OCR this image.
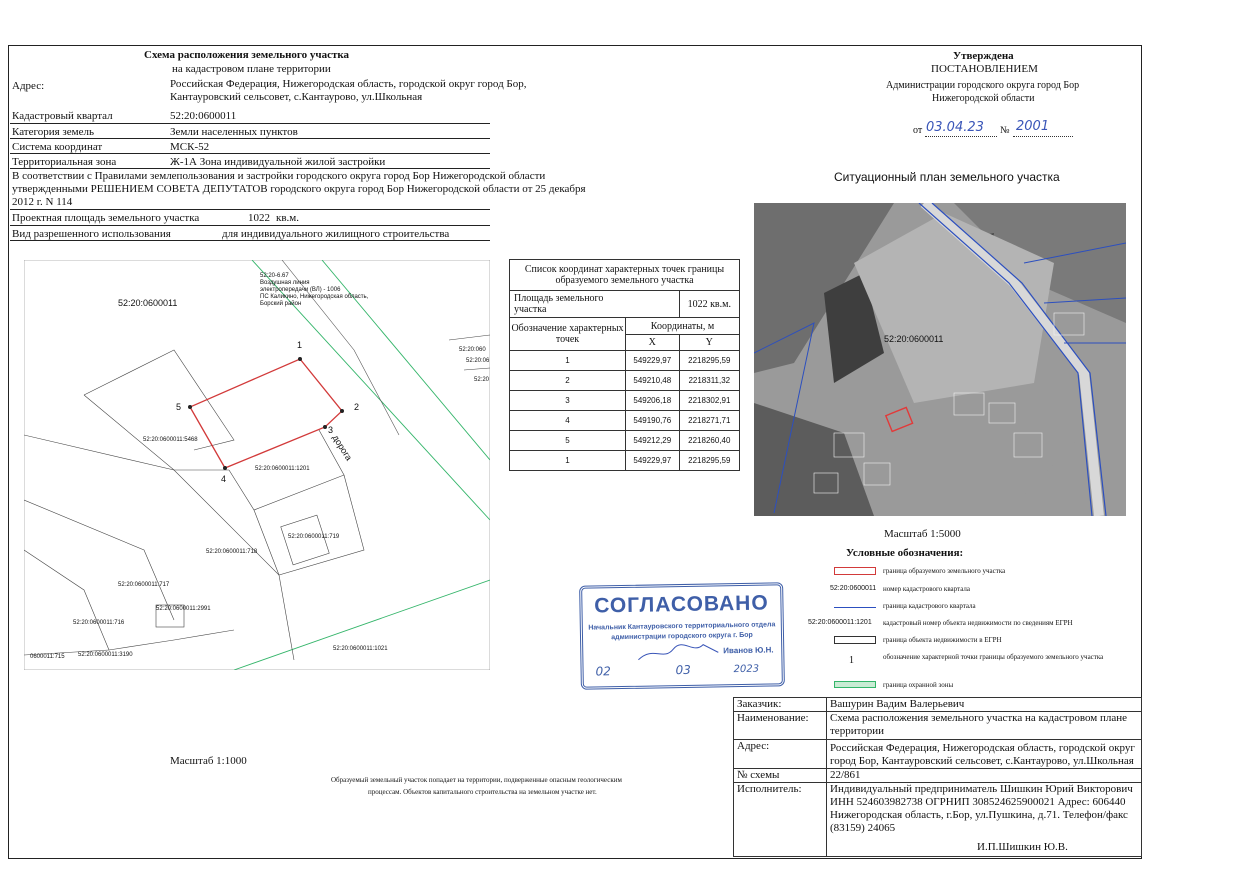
Схема расположения земельного участка
на кадастровом плане территории
Адрес:	Российская Федерация, Нижегородская область, городской округ город Бор, Кантауровский сельсовет, с.Кантаурово, ул.Школьная
Кадастровый квартал	52:20:0600011
Категория земель	Земли населенных пунктов
Система координат	МСК-52
Территориальная зона	Ж-1А Зона индивидуальной жилой застройки
В соответствии с Правилами землепользования и застройки городского округа город Бор Нижегородской области
утвержденными РЕШЕНИЕМ СОВЕТА ДЕПУТАТОВ городского округа город Бор Нижегородской области от 25 декабря
2012 г. N 114
Проектная площадь земельного участка	1022 кв.м.
Вид разрешенного использования	для индивидуального жилищного строительства
Утверждена
ПОСТАНОВЛЕНИЕМ
Администрации городского округа город Бор
Нижегородской области
от 03.04.23 № 2001
52:20:0600011
52:20-6.67
Воздушная линия
электропередачи (ВЛ) - 1006
ПС Каликино, Нижегородская область,
Борский район
дорога
52:20:0600011:5468
52:20:0600011:1201
52:20:0600011:719
52:20:0600011:718
52:20:0600011:717
52:20:0600011:2991
52:20:0600011:716
0600011:715 52:20:0600011:3190
52:20:0600011:1021
52:20:060
52:20:06
52:20
1
2
3
4
5
Масштаб 1:1000
Образуемый земельный участок попадает на территории, подверженные опасным геологическим
процессам. Объектов капитального строительства на земельном участке нет.
Список координат характерных точек границы образуемого земельного участка		
Площадь земельного участка		1022 кв.м.
Обозначение характерных точек	Координаты, м	
	X	Y
1	549229,97	2218295,59
2	549210,48	2218311,32
3	549206,18	2218302,91
4	549190,76	2218271,71
5	549212,29	2218260,40
1	549229,97	2218295,59
Ситуационный план земельного участка
52:20:0600011
Масштаб 1:5000
Условные обозначения:
граница образуемого земельного участка
52:20:0600011 номер кадастрового квартала
граница кадастрового квартала
52:20:0600011:1201 кадастровый номер объекта недвижимости по сведениям ЕГРН
граница объекта недвижимости в ЕГРН
1	обозначение характерной точки границы образуемого земельного участка
граница охранной зоны
СОГЛАСОВАНО
Начальник Кантауровского территориального отдела
администрации городского округа г. Бор
Иванов Ю.Н.
02	03	2023
Заказчик:	Вашурин Вадим Валерьевич
Наименование:	Схема расположения земельного участка на кадастровом плане территории
Адрес:	Российская Федерация, Нижегородская область, городской округ город Бор, Кантауровский сельсовет, с.Кантаурово, ул.Школьная
№ схемы	22/861
Исполнитель:	Индивидуальный предприниматель Шишкин Юрий Викторович ИНН 524603982738 ОГРНИП 308524625900021 Адрес: 606440 Нижегородская область, г.Бор, ул.Пушкина, д.71. Телефон/факс (83159) 24065
И.П.Шишкин Ю.В.
